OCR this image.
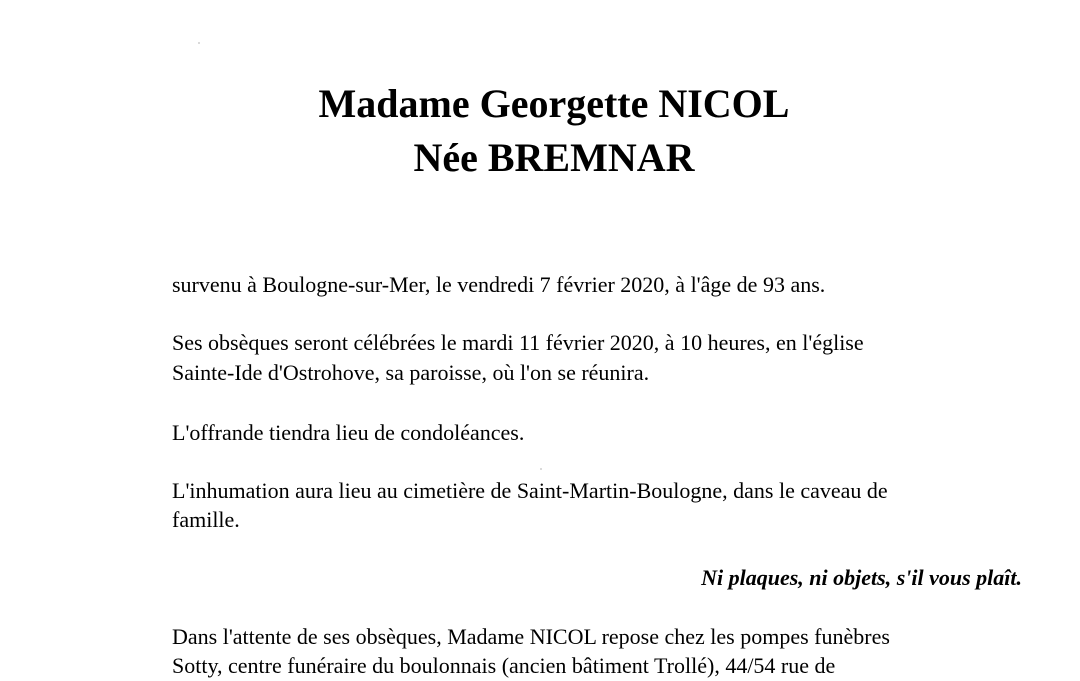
Madame Georgette NICOL
Née BREMNAR

survenu à Boulogne-sur-Mer, le vendredi 7 février 2020, à l'âge de 93 ans.

Ses obsèques seront célébrées le mardi 11 février 2020, à 10 heures, en l'église

Sainte-Ide d'Ostrohove, sa paroisse, où l'on se réunira.

L'offrande tiendra lieu de condoléances.

L'inhumation aura lieu au cimetière de Saint-Martin-Boulogne, dans le caveau de

famille.

Ni plaques, ni objets, s'il vous plaît.

Dans l'attente de ses obsèques, Madame NICOL repose chez les pompes funèbres

Sotty, centre funéraire du boulonnais (ancien bâtiment Trollé), 44/54 rue de
